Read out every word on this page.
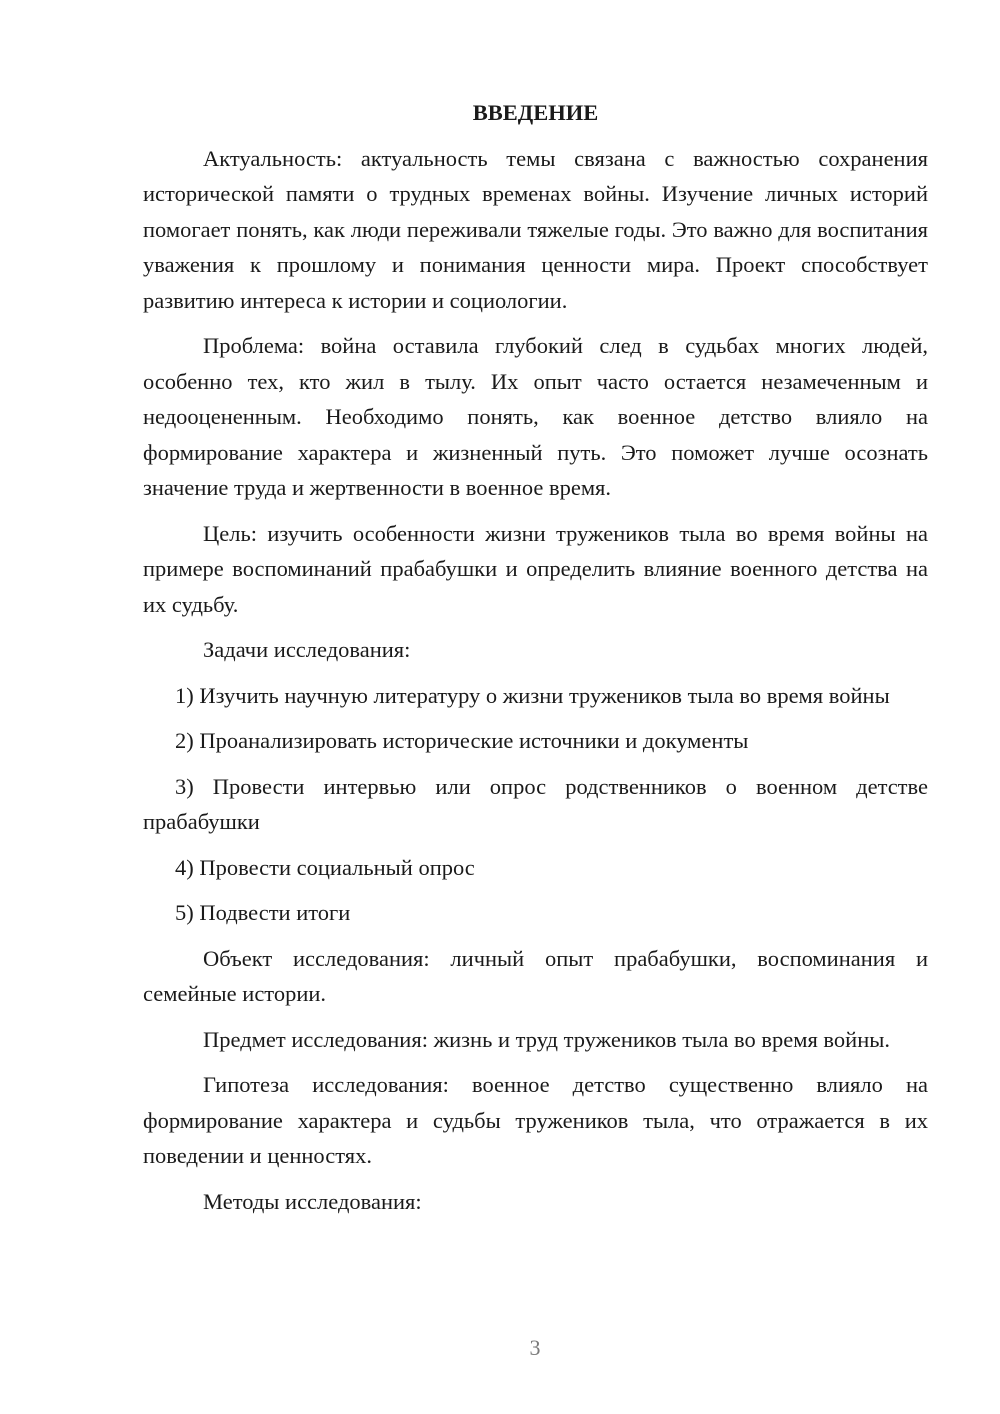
ВВЕДЕНИЕ

Актуальность: актуальность темы связана с важностью сохранения исторической памяти о трудных временах войны. Изучение личных историй помогает понять, как люди переживали тяжелые годы. Это важно для воспитания уважения к прошлому и понимания ценности мира. Проект способствует развитию интереса к истории и социологии.

Проблема: война оставила глубокий след в судьбах многих людей, особенно тех, кто жил в тылу. Их опыт часто остается незамеченным и недооцененным. Необходимо понять, как военное детство влияло на формирование характера и жизненный путь. Это поможет лучше осознать значение труда и жертвенности в военное время.

Цель: изучить особенности жизни тружеников тыла во время войны на примере воспоминаний прабабушки и определить влияние военного детства на их судьбу.

Задачи исследования:

1) Изучить научную литературу о жизни тружеников тыла во время войны

2) Проанализировать исторические источники и документы

3) Провести интервью или опрос родственников о военном детстве прабабушки

4) Провести социальный опрос

5) Подвести итоги

Объект исследования: личный опыт прабабушки, воспоминания и семейные истории.

Предмет исследования: жизнь и труд тружеников тыла во время войны.

Гипотеза исследования: военное детство существенно влияло на формирование характера и судьбы тружеников тыла, что отражается в их поведении и ценностях.

Методы исследования:

3
